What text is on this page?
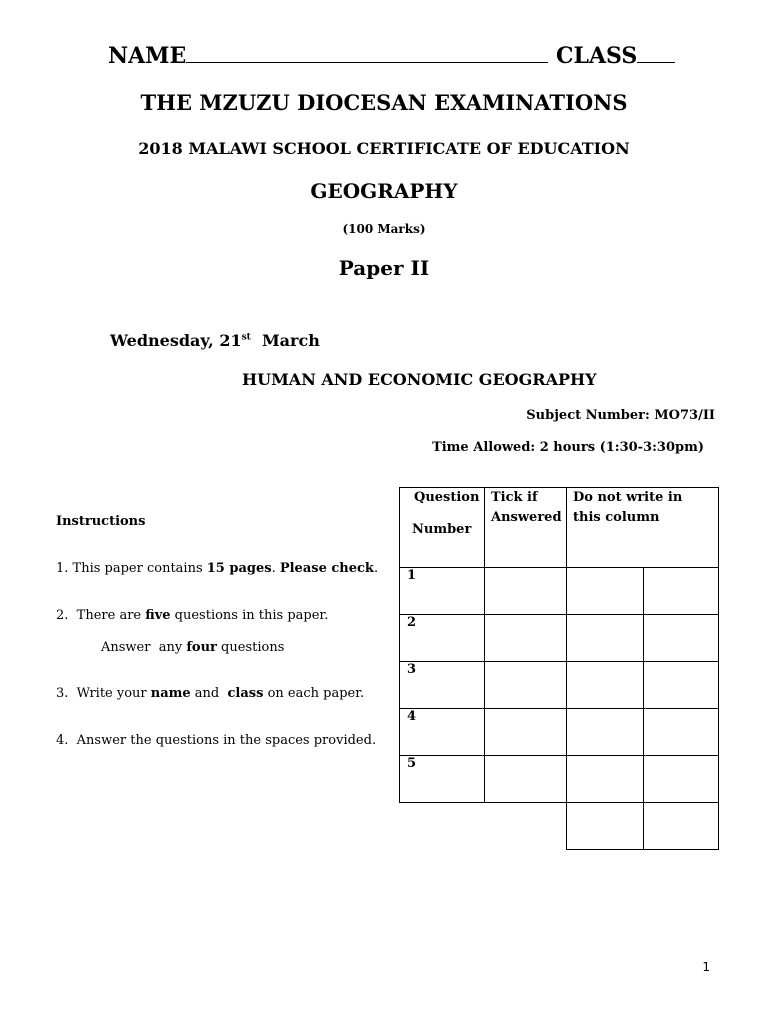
NAME	CLASS
THE MZUZU DIOCESAN EXAMINATIONS
2018 MALAWI SCHOOL CERTIFICATE OF EDUCATION
GEOGRAPHY
(100 Marks)
Paper II
Wednesday, 21st March
HUMAN AND ECONOMIC GEOGRAPHY
Subject Number: MO73/II
Time Allowed: 2 hours (1:30-3:30pm)
Instructions
1. This paper contains 15 pages. Please check.
2.  There are five questions in this paper.
Answer  any four questions
3.  Write your name and  class on each paper.
4.  Answer the questions in the spaces provided.
Question
Number
Tick if
Answered
Do not write in
this column
1
2
3
4
5
1
